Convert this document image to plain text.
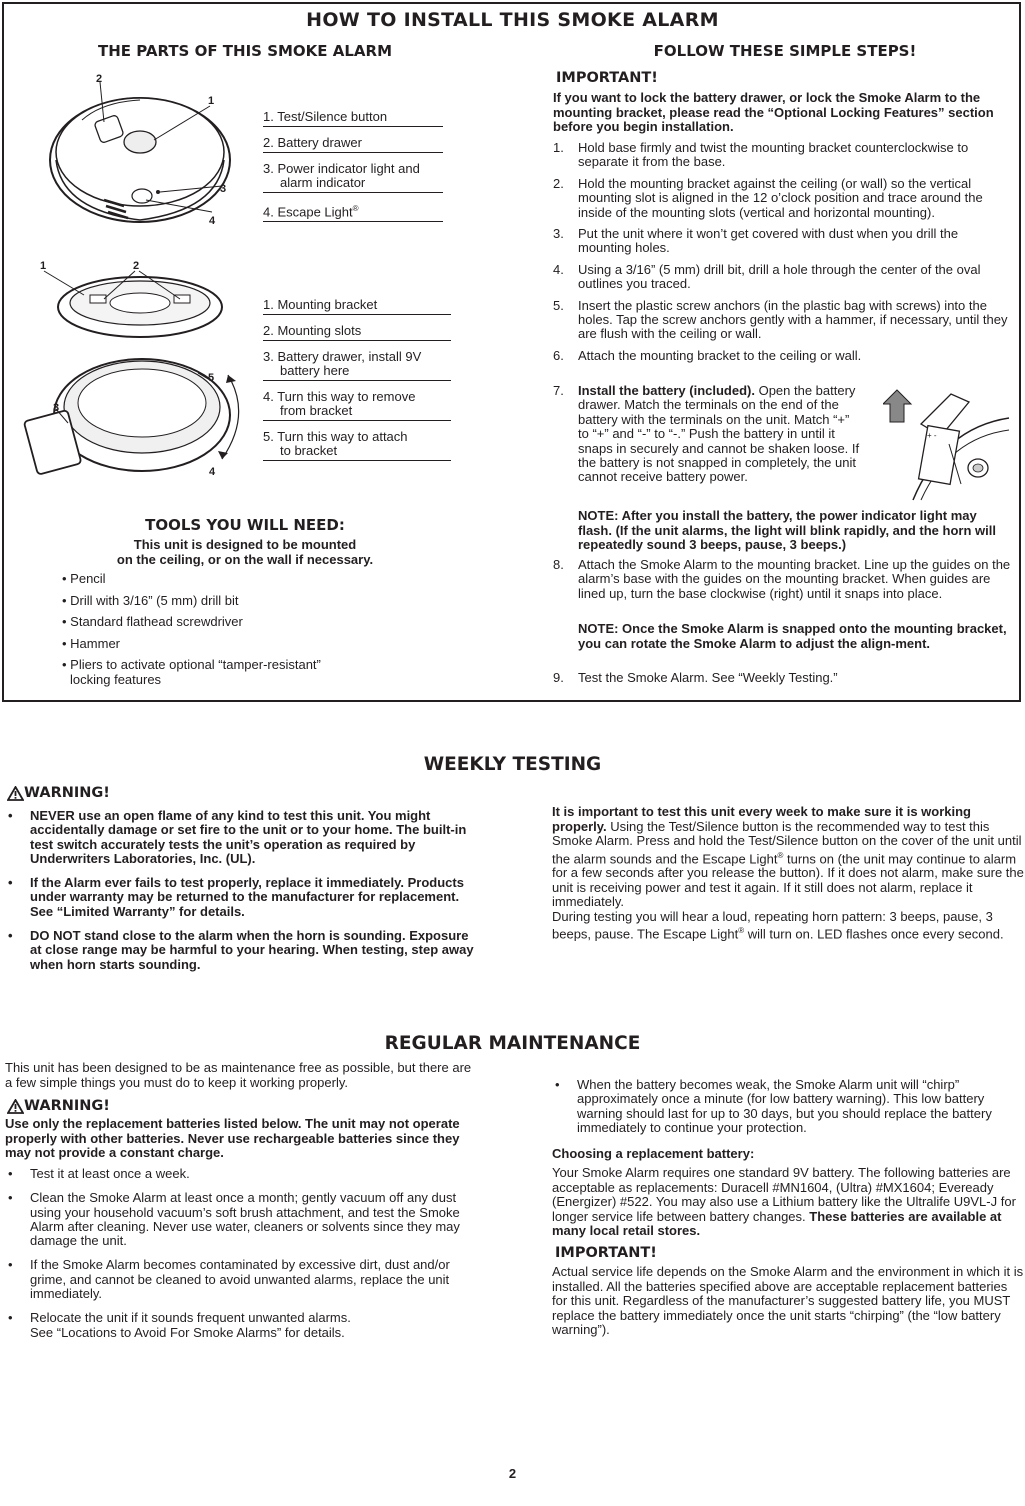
HOW TO INSTALL THIS SMOKE ALARM
THE PARTS OF THIS SMOKE ALARM
2
1
3
4
1. Test/Silence button
2. Battery drawer
3. Power indicator light and
alarm indicator
4. Escape Light®
1	2
3
4
5
1. Mounting bracket
2. Mounting slots
3. Battery drawer, install 9V
battery here
4. Turn this way to remove
from bracket
5. Turn this way to attach
to bracket
TOOLS YOU WILL NEED:
This unit is designed to be mounted
on the ceiling, or on the wall if necessary.
• Pencil
• Drill with 3/16” (5 mm) drill bit
• Standard flathead screwdriver
• Hammer
• Pliers to activate optional “tamper-resistant”
locking features
FOLLOW THESE SIMPLE STEPS!
IMPORTANT!
If you want to lock the battery drawer, or lock the Smoke Alarm to the mounting bracket, please read the “Optional Locking Features” section before you begin installation.
1. Hold base firmly and twist the mounting bracket counterclockwise to separate it from the base.
2. Hold the mounting bracket against the ceiling (or wall) so the vertical mounting slot is aligned in the 12 o’clock position and trace around the inside of the mounting slots (vertical and horizontal mounting).
3. Put the unit where it won’t get covered with dust when you drill the mounting holes.
4. Using a 3/16” (5 mm) drill bit, drill a hole through the center of the oval outlines you traced.
5. Insert the plastic screw anchors (in the plastic bag with screws) into the holes. Tap the screw anchors gently with a hammer, if necessary, until they are flush with the ceiling or wall.
6. Attach the mounting bracket to the ceiling or wall.
7. Install the battery (included). Open the battery drawer. Match the terminals on the end of the battery with the terminals on the unit. Match “+” to “+” and “-” to “-.” Push the battery in until it snaps in securely and cannot be shaken loose. If the battery is not snapped in completely, the unit cannot receive battery power.
+ -
NOTE: After you install the battery, the power indicator light may flash. (If the unit alarms, the light will blink rapidly, and the horn will repeatedly sound 3 beeps, pause, 3 beeps.)
8. Attach the Smoke Alarm to the mounting bracket. Line up the guides on the alarm’s base with the guides on the mounting bracket. When guides are lined up, turn the base clockwise (right) until it snaps into place.
NOTE: Once the Smoke Alarm is snapped onto the mounting bracket, you can rotate the Smoke Alarm to adjust the align-ment.
9. Test the Smoke Alarm. See “Weekly Testing.”
WEEKLY TESTING
WARNING!
• NEVER use an open flame of any kind to test this unit. You might accidentally damage or set fire to the unit or to your home. The built-in test switch accurately tests the unit’s operation as required by Underwriters Laboratories, Inc. (UL).
• If the Alarm ever fails to test properly, replace it immediately. Products under warranty may be returned to the manufacturer for replacement. See “Limited Warranty” for details.
• DO NOT stand close to the alarm when the horn is sounding. Exposure at close range may be harmful to your hearing. When testing, step away when horn starts sounding.
It is important to test this unit every week to make sure it is working properly. Using the Test/Silence button is the recommended way to test this Smoke Alarm. Press and hold the Test/Silence button on the cover of the unit until the alarm sounds and the Escape Light® turns on (the unit may continue to alarm for a few seconds after you release the button). If it does not alarm, make sure the unit is receiving power and test it again. If it still does not alarm, replace it immediately.
During testing you will hear a loud, repeating horn pattern: 3 beeps, pause, 3 beeps, pause. The Escape Light® will turn on. LED flashes once every second.
REGULAR MAINTENANCE
This unit has been designed to be as maintenance free as possible, but there are a few simple things you must do to keep it working properly.
WARNING!
Use only the replacement batteries listed below. The unit may not operate properly with other batteries. Never use rechargeable batteries since they may not provide a constant charge.
• Test it at least once a week.
• Clean the Smoke Alarm at least once a month; gently vacuum off any dust using your household vacuum’s soft brush attachment, and test the Smoke Alarm after cleaning. Never use water, cleaners or solvents since they may damage the unit.
• If the Smoke Alarm becomes contaminated by excessive dirt, dust and/or grime, and cannot be cleaned to avoid unwanted alarms, replace the unit immediately.
• Relocate the unit if it sounds frequent unwanted alarms.
See “Locations to Avoid For Smoke Alarms” for details.
• When the battery becomes weak, the Smoke Alarm unit will “chirp” approximately once a minute (for low battery warning). This low battery warning should last for up to 30 days, but you should replace the battery immediately to continue your protection.
Choosing a replacement battery:
Your Smoke Alarm requires one standard 9V battery. The following batteries are acceptable as replacements: Duracell #MN1604, (Ultra) #MX1604; Eveready (Energizer) #522. You may also use a Lithium battery like the Ultralife U9VL-J for longer service life between battery changes. These batteries are available at many local retail stores.
IMPORTANT!
Actual service life depends on the Smoke Alarm and the environment in which it is installed. All the batteries specified above are acceptable replacement batteries for this unit. Regardless of the manufacturer’s suggested battery life, you MUST replace the battery immediately once the unit starts “chirping” (the “low battery warning”).
2
